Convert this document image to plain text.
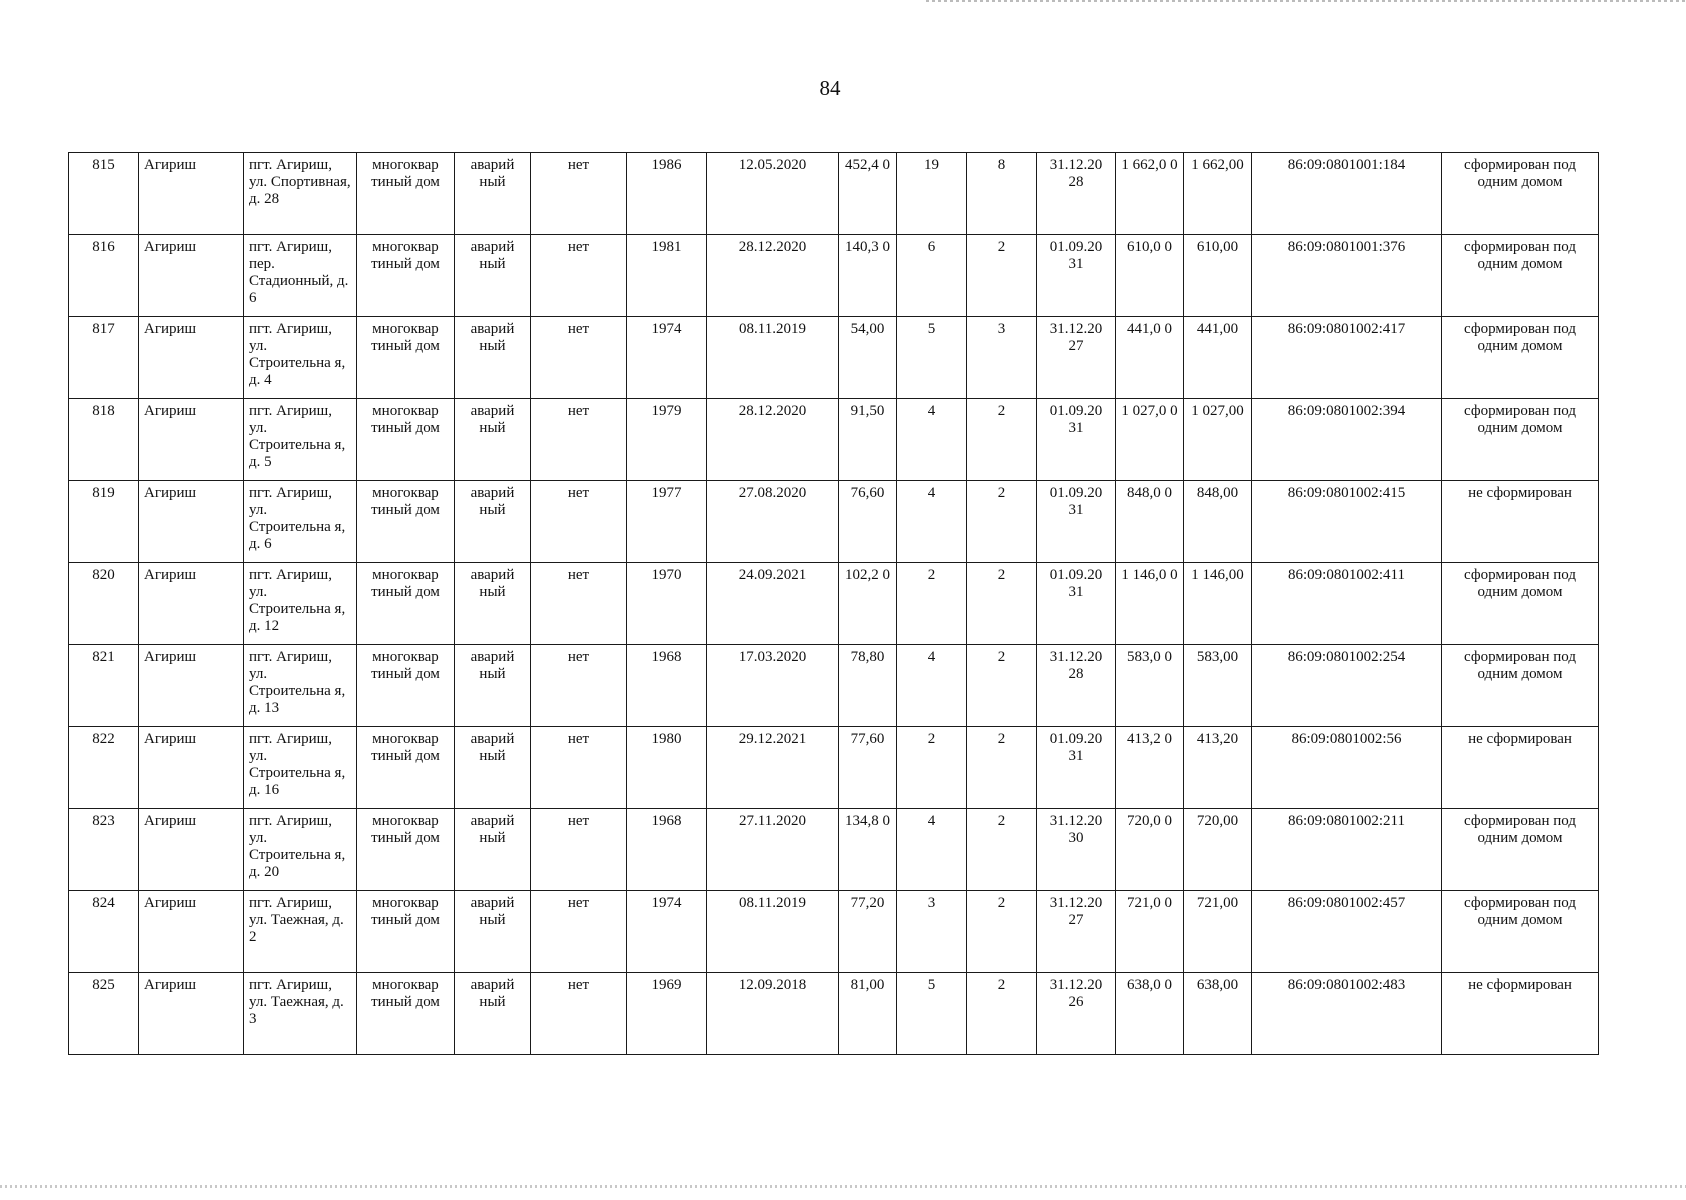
84
815	Агириш	пгт. Агириш, ул. Спортивная, д. 28	многоквар тиный дом	аварий ный	нет	1986	12.05.2020	452,4 0	19	8	31.12.20 28	1 662,0 0	1 662,00	86:09:0801001:184	сформирован под одним домом
816	Агириш	пгт. Агириш, пер. Стадионный, д. 6	многоквар тиный дом	аварий ный	нет	1981	28.12.2020	140,3 0	6	2	01.09.20 31	610,0 0	610,00	86:09:0801001:376	сформирован под одним домом
817	Агириш	пгт. Агириш, ул. Строительна я, д. 4	многоквар тиный дом	аварий ный	нет	1974	08.11.2019	54,00	5	3	31.12.20 27	441,0 0	441,00	86:09:0801002:417	сформирован под одним домом
818	Агириш	пгт. Агириш, ул. Строительна я, д. 5	многоквар тиный дом	аварий ный	нет	1979	28.12.2020	91,50	4	2	01.09.20 31	1 027,0 0	1 027,00	86:09:0801002:394	сформирован под одним домом
819	Агириш	пгт. Агириш, ул. Строительна я, д. 6	многоквар тиный дом	аварий ный	нет	1977	27.08.2020	76,60	4	2	01.09.20 31	848,0 0	848,00	86:09:0801002:415	не сформирован
820	Агириш	пгт. Агириш, ул. Строительна я, д. 12	многоквар тиный дом	аварий ный	нет	1970	24.09.2021	102,2 0	2	2	01.09.20 31	1 146,0 0	1 146,00	86:09:0801002:411	сформирован под одним домом
821	Агириш	пгт. Агириш, ул. Строительна я, д. 13	многоквар тиный дом	аварий ный	нет	1968	17.03.2020	78,80	4	2	31.12.20 28	583,0 0	583,00	86:09:0801002:254	сформирован под одним домом
822	Агириш	пгт. Агириш, ул. Строительна я, д. 16	многоквар тиный дом	аварий ный	нет	1980	29.12.2021	77,60	2	2	01.09.20 31	413,2 0	413,20	86:09:0801002:56	не сформирован
823	Агириш	пгт. Агириш, ул. Строительна я, д. 20	многоквар тиный дом	аварий ный	нет	1968	27.11.2020	134,8 0	4	2	31.12.20 30	720,0 0	720,00	86:09:0801002:211	сформирован под одним домом
824	Агириш	пгт. Агириш, ул. Таежная, д. 2	многоквар тиный дом	аварий ный	нет	1974	08.11.2019	77,20	3	2	31.12.20 27	721,0 0	721,00	86:09:0801002:457	сформирован под одним домом
825	Агириш	пгт. Агириш, ул. Таежная, д. 3	многоквар тиный дом	аварий ный	нет	1969	12.09.2018	81,00	5	2	31.12.20 26	638,0 0	638,00	86:09:0801002:483	не сформирован
